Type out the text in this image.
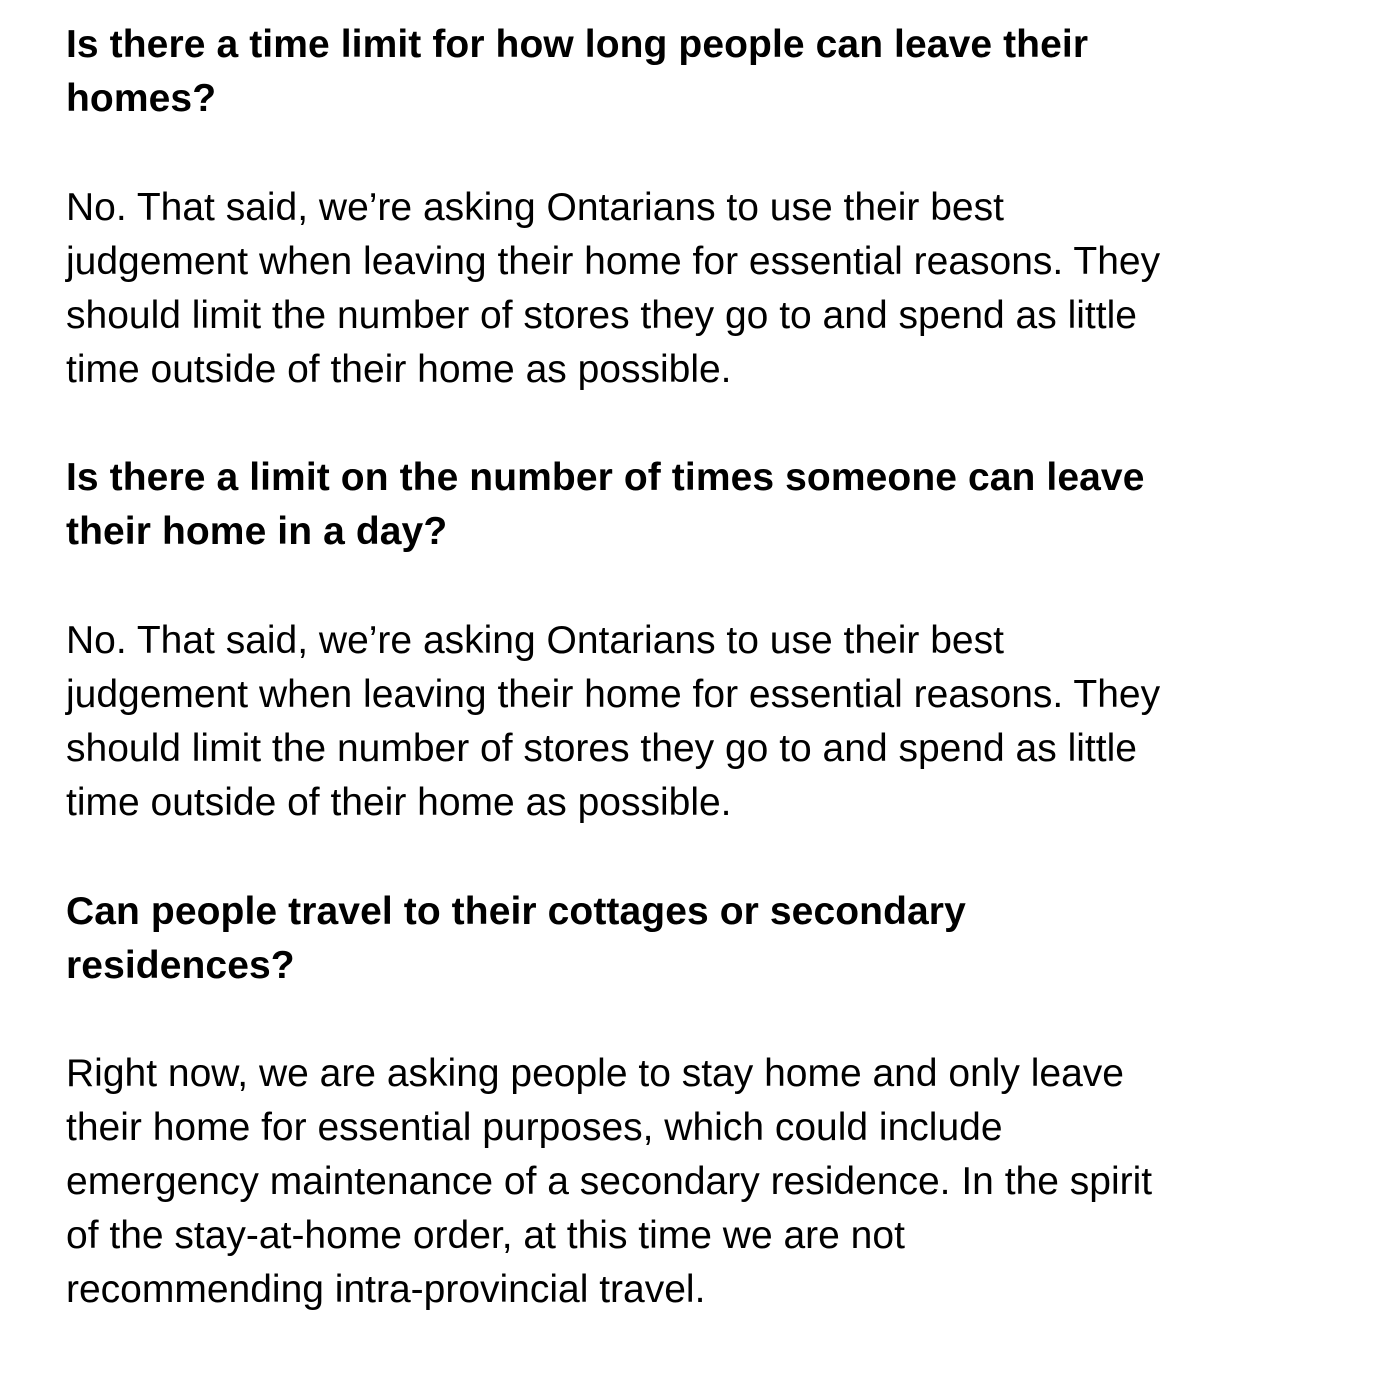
Is there a time limit for how long people can leave their
homes?

No. That said, we’re asking Ontarians to use their best
judgement when leaving their home for essential reasons. They
should limit the number of stores they go to and spend as little
time outside of their home as possible.

Is there a limit on the number of times someone can leave
their home in a day?

No. That said, we’re asking Ontarians to use their best
judgement when leaving their home for essential reasons. They
should limit the number of stores they go to and spend as little
time outside of their home as possible.

Can people travel to their cottages or secondary
residences?

Right now, we are asking people to stay home and only leave
their home for essential purposes, which could include
emergency maintenance of a secondary residence. In the spirit
of the stay-at-home order, at this time we are not
recommending intra-provincial travel.
